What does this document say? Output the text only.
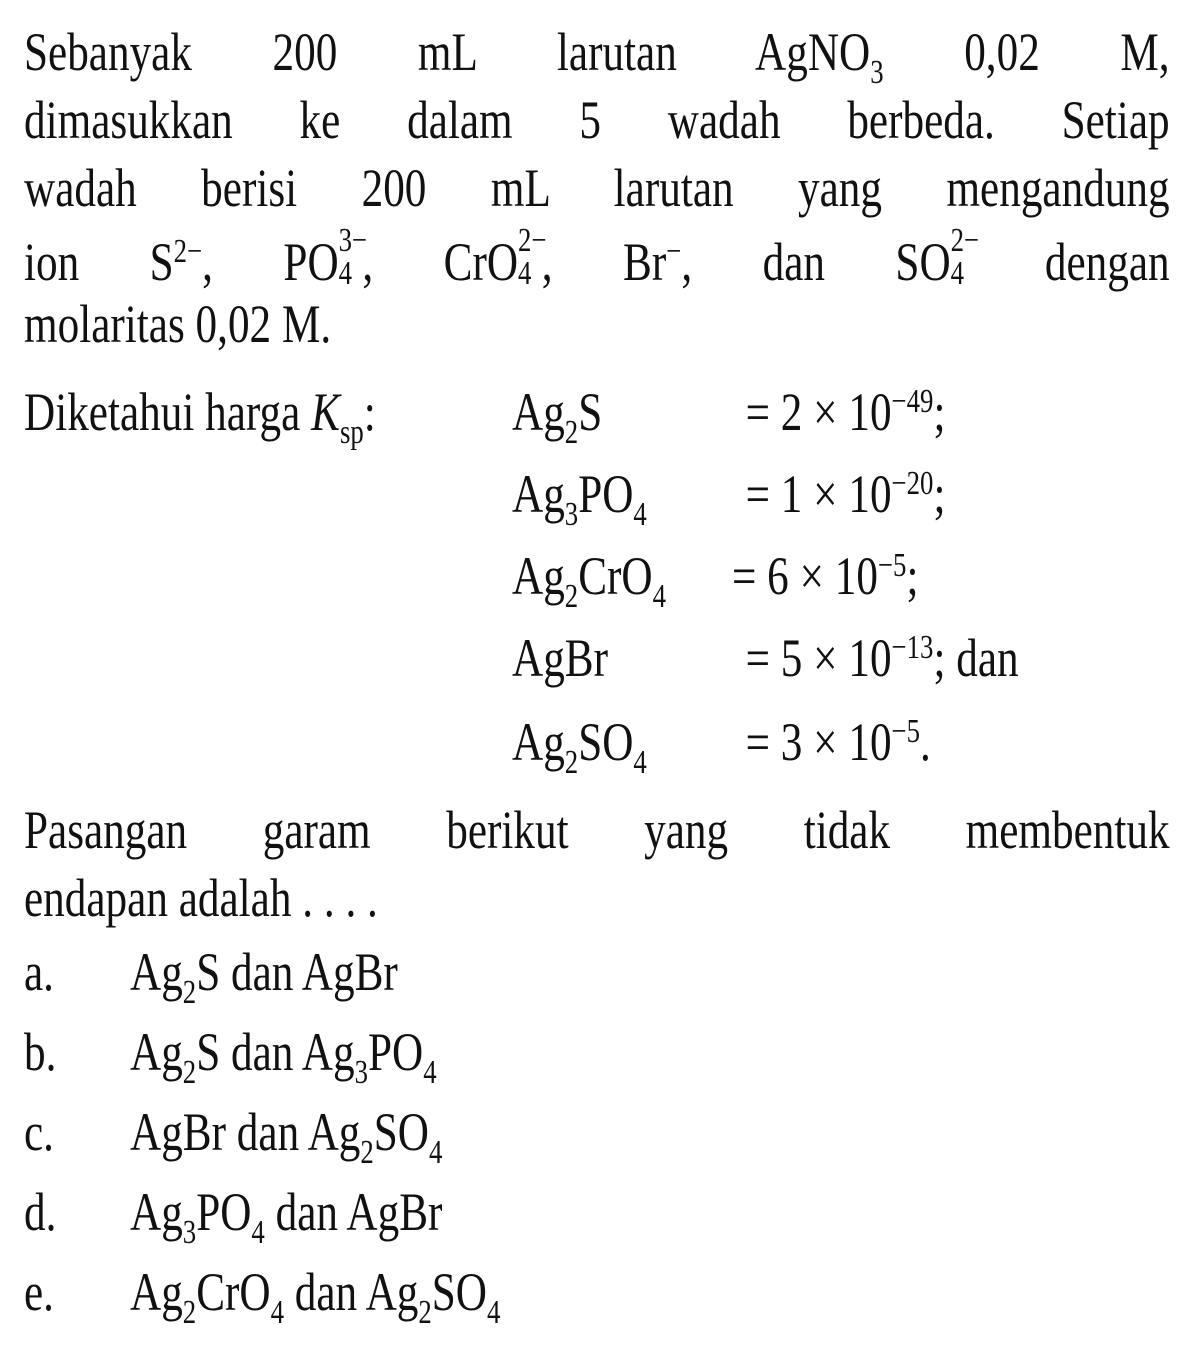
Sebanyak 200 mL larutan AgNO$_3$ 0,02 M,
dimasukkan ke dalam 5 wadah berbeda. Setiap
wadah berisi 200 mL larutan yang mengandung
ion $S^{2-}$, PO 3−
4 , CrO 2−
4 , Br−, dan SO 2−
4 dengan
molaritas 0,02 M.
Diketahui harga $K_{sp}$:	$Ag_2S$	= $2 \times 10^{-49}$;
$Ag_3PO_4 = 1 \times 10^{-20}$;
$Ag_2CrO_4 = 6 \times 10^{-5}$;
AgBr	= $5 \times 10^{-13}$; dan
$Ag_2SO_4 = 3 \times 10^{-5}$.
Pasangan garam berikut yang tidak membentuk
endapan adalah . . . .
a. $Ag_2S$ dan AgBr
b. $Ag_2S$ dan $Ag_3PO_4$
c. AgBr dan $Ag_2SO_4$
d. $Ag_3PO_4$ dan AgBr
e. $Ag_2CrO_4$ dan $Ag_2SO_4$
